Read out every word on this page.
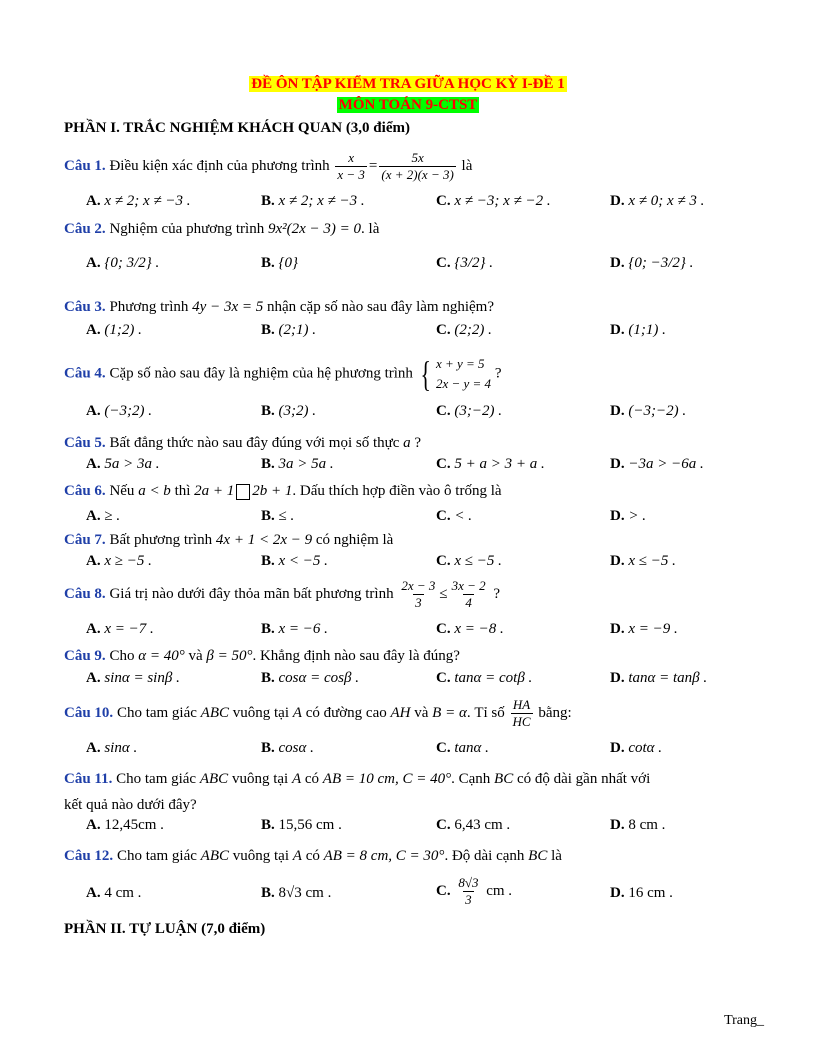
ĐỀ ÔN TẬP KIỂM TRA GIỮA HỌC KỲ I-ĐỀ 1
MÔN TOÁN 9-CTST
PHẦN I. TRẮC NGHIỆM KHÁCH QUAN (3,0 điểm)
Câu 1. Điều kiện xác định của phương trình $\frac{x}{x - 3} = \frac{5x}{(x + 2)(x - 3)}$ là
A. x ≠ 2; x ≠ −3 .	B. x ≠ 2; x ≠ −3 .	C. x ≠ −3; x ≠ −2 .	D. x ≠ 0; x ≠ 3 .
Câu 2. Nghiệm của phương trình 9x²(2x − 3) = 0. là
A. {0; 3/2} .	B. {0}	C. {3/2} .	D. {0; −3/2} .
Câu 3. Phương trình 4y − 3x = 5 nhận cặp số nào sau đây làm nghiệm?
A. (1;2) .	B. (2;1) .	C. (2;2) .	D. (1;1) .
Câu 4. Cặp số nào sau đây là nghiệm của hệ phương trình { x + y = 5
2x − y = 4
?
A. (−3;2) .	B. (3;2) .	C. (3;−2) .	D. (−3;−2) .
Câu 5. Bất đẳng thức nào sau đây đúng với mọi số thực a ?
A. 5a > 3a .	B. 3a > 5a .	C. 5 + a > 3 + a .	D. −3a > −6a .
Câu 6. Nếu a < b thì 2a + 1 2b + 1. Dấu thích hợp điền vào ô trống là
A. ≥ .	B. ≤ .	C. < .	D. > .
Câu 7. Bất phương trình 4x + 1 < 2x − 9 có nghiệm là
A. x ≥ −5 .	B. x < −5 .	C. x ≤ −5 .	D. x ≤ −5 .
Câu 8. Giá trị nào dưới đây thỏa mãn bất phương trình $\frac{2x - 3}{3} \le \frac{3x - 2}{4}$ ?
A. x = −7 .	B. x = −6 .	C. x = −8 .	D. x = −9 .
Câu 9. Cho α = 40° và β = 50°. Khẳng định nào sau đây là đúng?
A. sinα = sinβ .	B. cosα = cosβ .	C. tanα = cotβ .	D. tanα = tanβ .
Câu 10. Cho tam giác ABC vuông tại A có đường cao AH và B = α. Tỉ số $\frac{HA}{HC}$ bằng:
A. sinα .	B. cosα .	C. tanα .	D. cotα .
Câu 11. Cho tam giác ABC vuông tại A có AB = 10 cm, C = 40°. Cạnh BC có độ dài gần nhất với
kết quả nào dưới đây?
A. 12,45cm .	B. 15,56 cm .	C. 6,43 cm .	D. 8 cm .
Câu 12. Cho tam giác ABC vuông tại A có AB = 8 cm, C = 30°. Độ dài cạnh BC là
A. 4 cm .	B. 8√3 cm .	C. $\frac{8√3}{3}$ cm .	D. 16 cm .
PHẦN II. TỰ LUẬN (7,0 điểm)
Trang_
